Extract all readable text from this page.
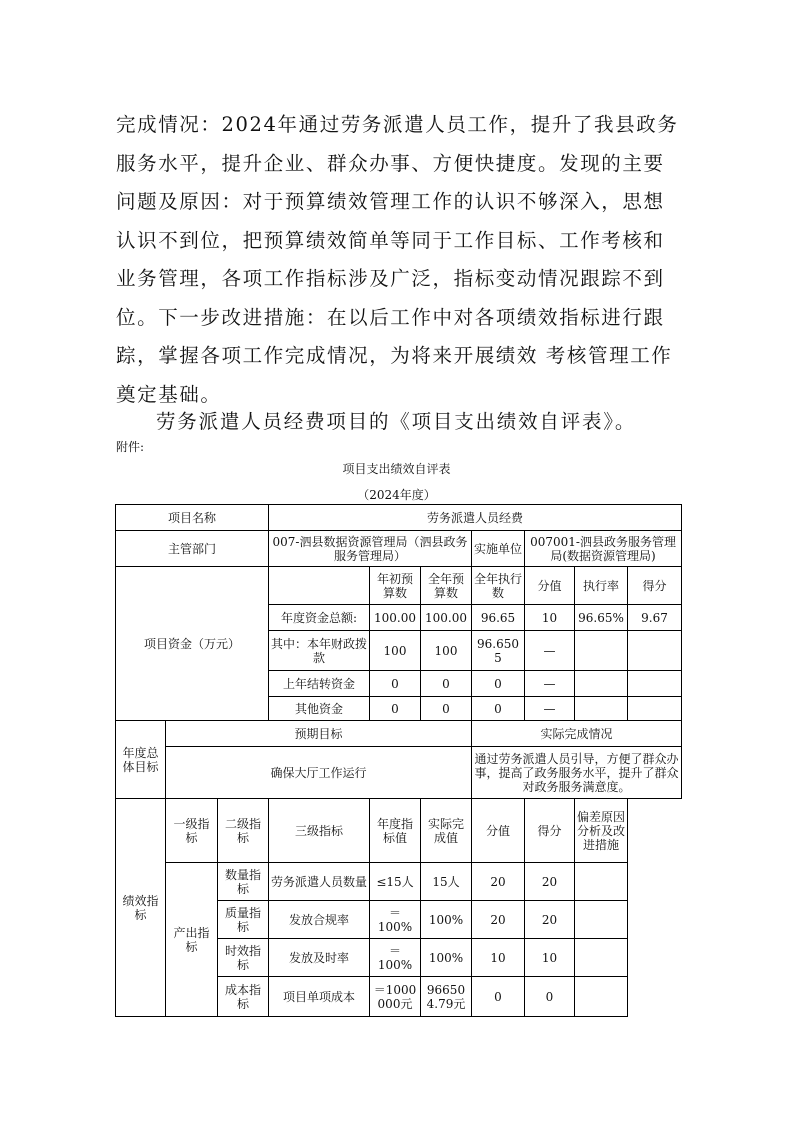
完成情况：2024年通过劳务派遣人员工作，提升了我县政务
服务水平，提升企业、群众办事、方便快捷度。发现的主要
问题及原因：对于预算绩效管理工作的认识不够深入，思想
认识不到位，把预算绩效简单等同于工作目标、工作考核和
业务管理，各项工作指标涉及广泛，指标变动情况跟踪不到
位。下一步改进措施：在以后工作中对各项绩效指标进行跟
踪，掌握各项工作完成情况，为将来开展绩效 考核管理工作
奠定基础。
劳务派遣人员经费项目的《项目支出绩效自评表》。
附件:
项目支出绩效自评表
（2024年度）
项目名称			劳务派遣人员经费						
主管部门			007-泗县数据资源管理局（泗县政务服务管理局）			实施单位	007001-泗县政务服务管理局(数据资源管理局)		
项目资金（万元）				年初预算数	全年预算数	全年执行数	分值	执行率	得分
			年度资金总额:	100.00	100.00	96.65	10	96.65%	9.67
			其中：本年财政拨款	100	100	96.6505	—		
			上年结转资金	0	0	0	—		
			其他资金	0	0	0	—		
年度总体目标	预期目标					实际完成情况			
	确保大厅工作运行					通过劳务派遣人员引导，方便了群众办事，提高了政务服务水平，提升了群众对政务服务满意度。			
绩效指标	一级指标	二级指标	三级指标	年度指标值	实际完成值	分值	得分	偏差原因分析及改进措施	
	产出指标	数量指标	劳务派遣人员数量	≤15人	15人	20	20		
		质量指标	发放合规率	＝100%	100%	20	20		
		时效指标	发放及时率	＝100%	100%	10	10		
		成本指标	项目单项成本	＝1000000元	966504.79元	0	0		
